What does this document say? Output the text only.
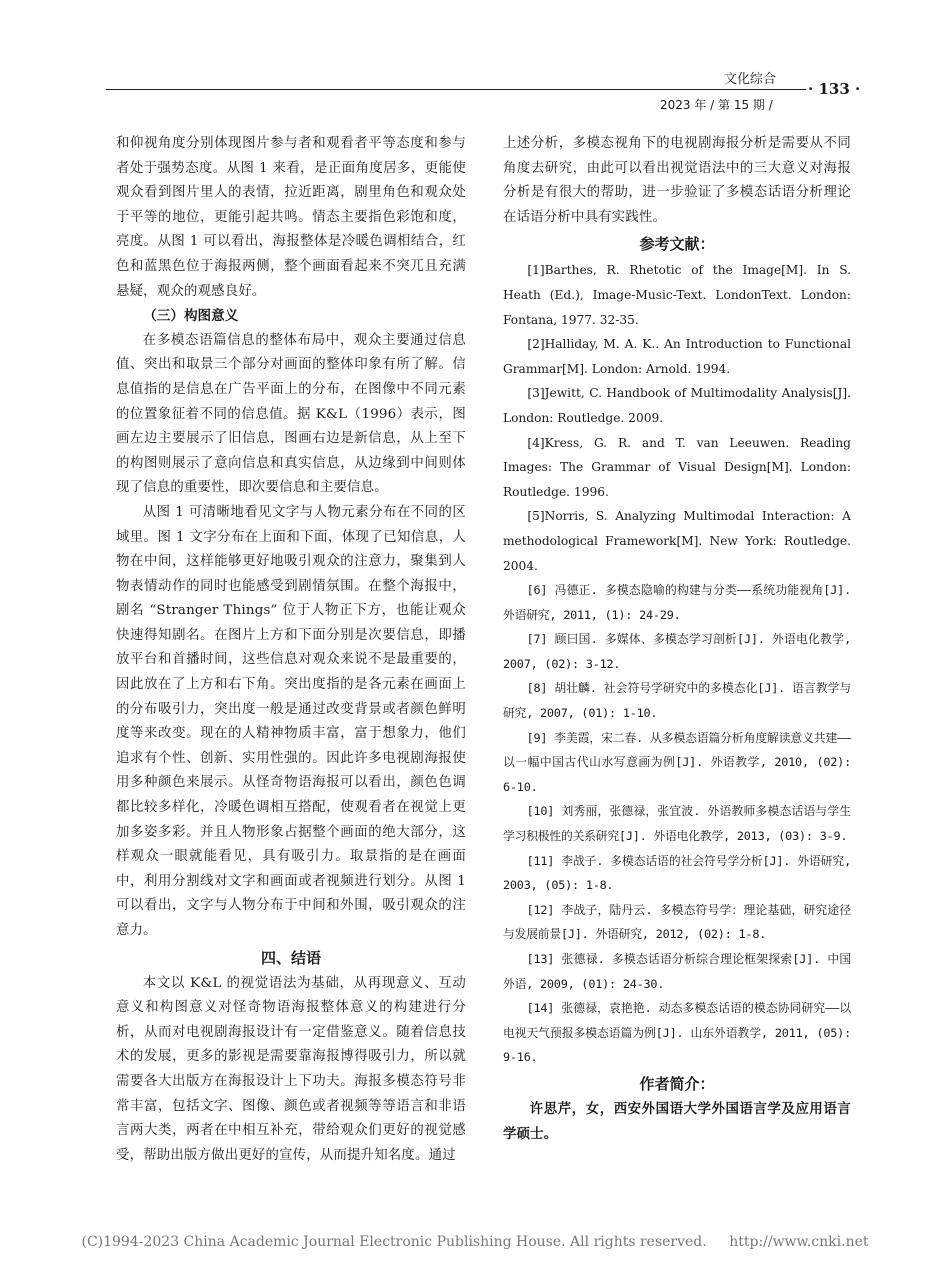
文化综合
· 133 ·
2023 年 / 第 15 期 /

和仰视角度分别体现图片参与者和观看者平等态度和参与者处于强势态度。从图 1 来看，是正面角度居多，更能使观众看到图片里人的表情，拉近距离，剧里角色和观众处于平等的地位，更能引起共鸣。情态主要指色彩饱和度，亮度。从图 1 可以看出，海报整体是冷暖色调相结合，红色和蓝黑色位于海报两侧，整个画面看起来不突兀且充满悬疑，观众的观感良好。

（三）构图意义

在多模态语篇信息的整体布局中，观众主要通过信息值、突出和取景三个部分对画面的整体印象有所了解。信息值指的是信息在广告平面上的分布，在图像中不同元素的位置象征着不同的信息值。据 K&L（1996）表示，图画左边主要展示了旧信息，图画右边是新信息，从上至下的构图则展示了意向信息和真实信息，从边缘到中间则体现了信息的重要性，即次要信息和主要信息。

从图 1 可清晰地看见文字与人物元素分布在不同的区域里。图 1 文字分布在上面和下面，体现了已知信息，人物在中间，这样能够更好地吸引观众的注意力，聚集到人物表情动作的同时也能感受到剧情氛围。在整个海报中，剧名 “Stranger Things” 位于人物正下方，也能让观众快速得知剧名。在图片上方和下面分别是次要信息，即播放平台和首播时间，这些信息对观众来说不是最重要的，因此放在了上方和右下角。突出度指的是各元素在画面上的分布吸引力，突出度一般是通过改变背景或者颜色鲜明度等来改变。现在的人精神物质丰富，富于想象力，他们追求有个性、创新、实用性强的。因此许多电视剧海报使用多种颜色来展示。从怪奇物语海报可以看出，颜色色调都比较多样化，冷暖色调相互搭配，使观看者在视觉上更加多姿多彩。并且人物形象占据整个画面的绝大部分，这样观众一眼就能看见，具有吸引力。取景指的是在画面中，利用分割线对文字和画面或者视频进行划分。从图 1 可以看出，文字与人物分布于中间和外围，吸引观众的注意力。

四、结语

本文以 K&L 的视觉语法为基础，从再现意义、互动意义和构图意义对怪奇物语海报整体意义的构建进行分析，从而对电视剧海报设计有一定借鉴意义。随着信息技术的发展，更多的影视是需要靠海报博得吸引力，所以就需要各大出版方在海报设计上下功夫。海报多模态符号非常丰富，包括文字、图像、颜色或者视频等等语言和非语言两大类，两者在中相互补充，带给观众们更好的视觉感受，帮助出版方做出更好的宣传，从而提升知名度。通过

上述分析，多模态视角下的电视剧海报分析是需要从不同角度去研究，由此可以看出视觉语法中的三大意义对海报分析是有很大的帮助，进一步验证了多模态话语分析理论在话语分析中具有实践性。

参考文献：
[1]Barthes, R. Rhetotic of the Image[M]. In S. Heath (Ed.), Image-Music-Text. LondonText. London: Fontana, 1977. 32-35.
[2]Halliday, M. A. K.. An Introduction to Functional Grammar[M]. London: Arnold. 1994.
[3]Jewitt, C. Handbook of Multimodality Analysis[J]. London: Routledge. 2009.
[4]Kress, G. R. and T. van Leeuwen. Reading Images: The Grammar of Visual Design[M]. London: Routledge. 1996.
[5]Norris, S. Analyzing Multimodal Interaction: A methodological Framework[M]. New York: Routledge. 2004.
[6] 冯德正. 多模态隐喻的构建与分类——系统功能视角[J]. 外语研究, 2011, (1): 24-29.
[7] 顾曰国. 多媒体、多模态学习剖析[J]. 外语电化教学, 2007, (02): 3-12.
[8] 胡壮麟. 社会符号学研究中的多模态化[J]. 语言教学与研究, 2007, (01): 1-10.
[9] 李美霞，宋二春. 从多模态语篇分析角度解读意义共建——以一幅中国古代山水写意画为例[J]. 外语教学, 2010, (02): 6-10.
[10] 刘秀丽，张德禄，张宜波. 外语教师多模态话语与学生学习积极性的关系研究[J]. 外语电化教学, 2013, (03): 3-9.
[11] 李战子. 多模态话语的社会符号学分析[J]. 外语研究, 2003, (05): 1-8.
[12] 李战子，陆丹云. 多模态符号学：理论基础，研究途径与发展前景[J]. 外语研究, 2012, (02): 1-8.
[13] 张德禄. 多模态话语分析综合理论框架探索[J]. 中国外语, 2009, (01): 24-30.
[14] 张德禄，袁艳艳. 动态多模态话语的模态协同研究——以电视天气预报多模态语篇为例[J]. 山东外语教学, 2011, (05): 9-16.
作者简介：

许思芹，女，西安外国语大学外国语言学及应用语言学硕士。

(C)1994-2023 China Academic Journal Electronic Publishing House. All rights reserved. http://www.cnki.net
